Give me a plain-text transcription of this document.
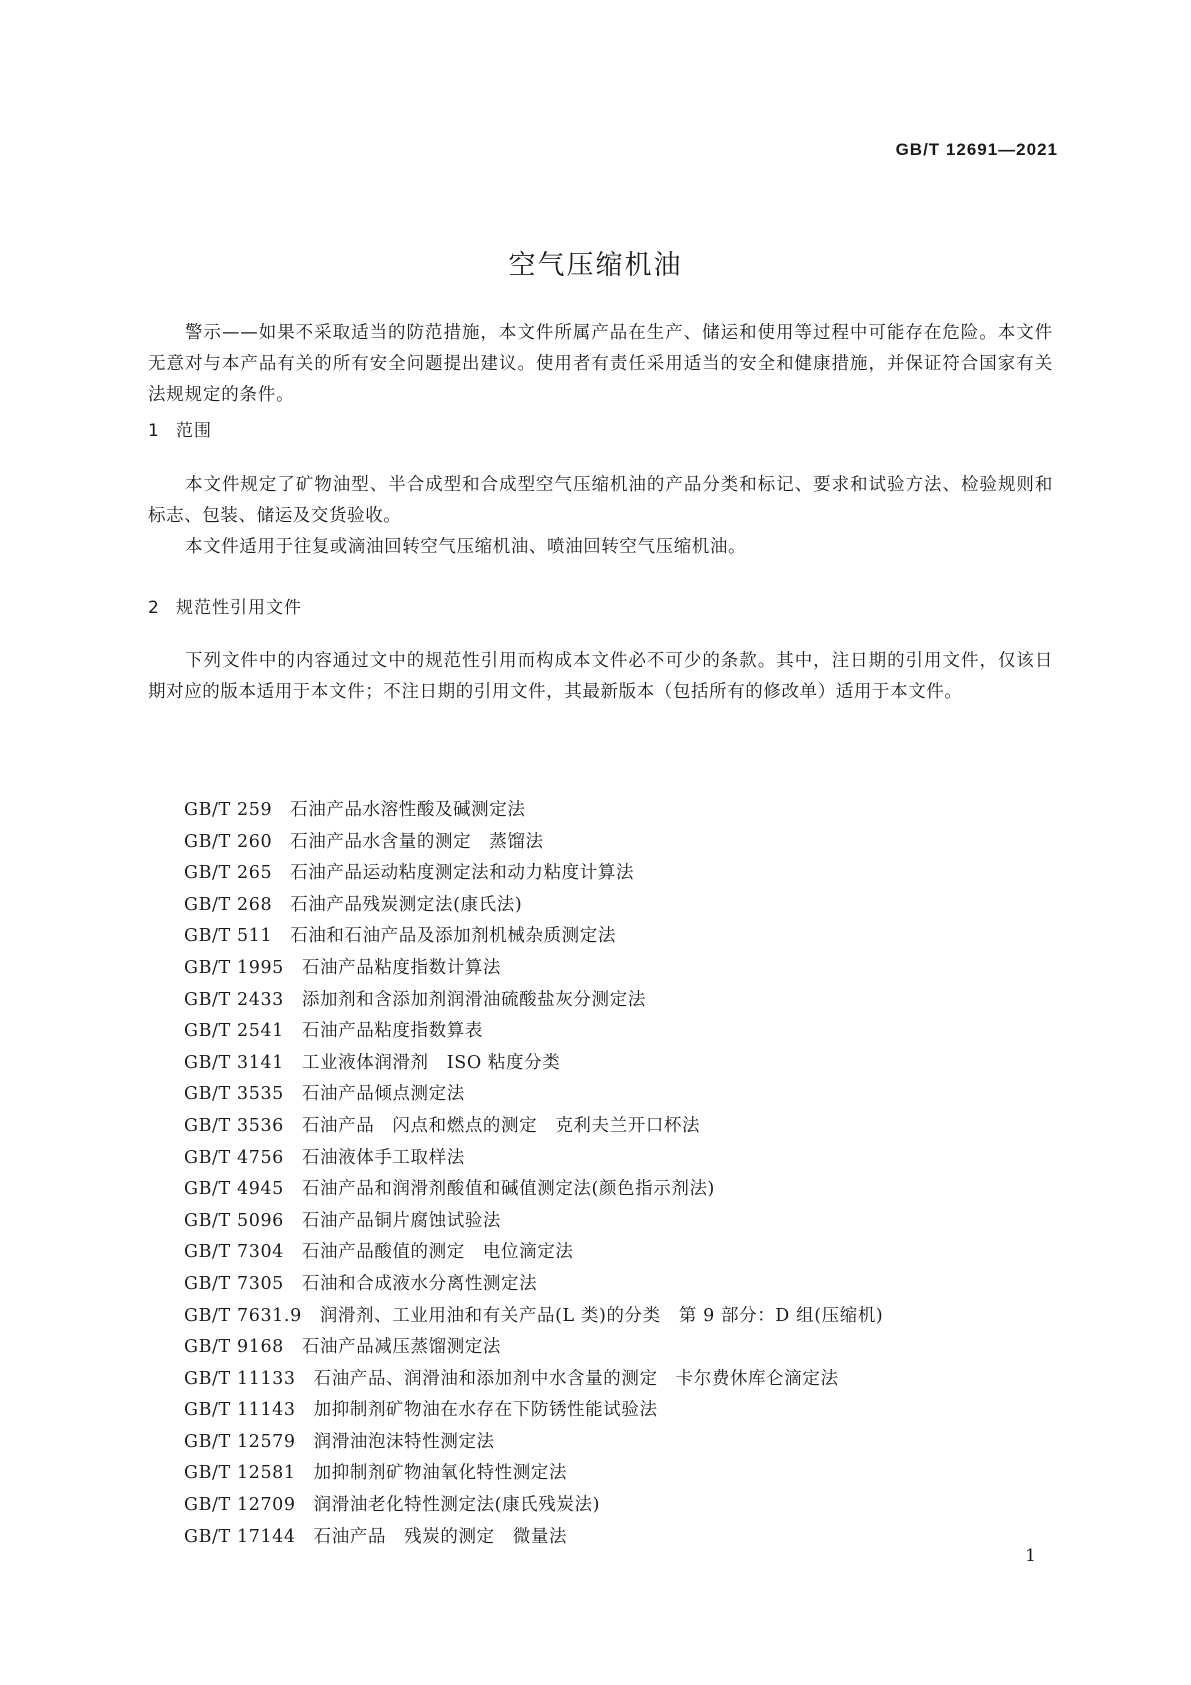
GB/T 12691—2021
空气压缩机油

警示——如果不采取适当的防范措施，本文件所属产品在生产、储运和使用等过程中可能存在危险。本文件无意对与本产品有关的所有安全问题提出建议。使用者有责任采用适当的安全和健康措施，并保证符合国家有关法规规定的条件。

1 范围

本文件规定了矿物油型、半合成型和合成型空气压缩机油的产品分类和标记、要求和试验方法、检验规则和标志、包装、储运及交货验收。

本文件适用于往复或滴油回转空气压缩机油、喷油回转空气压缩机油。

2 规范性引用文件

下列文件中的内容通过文中的规范性引用而构成本文件必不可少的条款。其中，注日期的引用文件，仅该日期对应的版本适用于本文件；不注日期的引用文件，其最新版本（包括所有的修改单）适用于本文件。

GB/T 259 石油产品水溶性酸及碱测定法
GB/T 260 石油产品水含量的测定　蒸馏法
GB/T 265 石油产品运动粘度测定法和动力粘度计算法
GB/T 268 石油产品残炭测定法(康氏法)
GB/T 511 石油和石油产品及添加剂机械杂质测定法
GB/T 1995 石油产品粘度指数计算法
GB/T 2433 添加剂和含添加剂润滑油硫酸盐灰分测定法
GB/T 2541 石油产品粘度指数算表
GB/T 3141 工业液体润滑剂　ISO 粘度分类
GB/T 3535 石油产品倾点测定法
GB/T 3536 石油产品　闪点和燃点的测定　克利夫兰开口杯法
GB/T 4756 石油液体手工取样法
GB/T 4945 石油产品和润滑剂酸值和碱值测定法(颜色指示剂法)
GB/T 5096 石油产品铜片腐蚀试验法
GB/T 7304 石油产品酸值的测定　电位滴定法
GB/T 7305 石油和合成液水分离性测定法
GB/T 7631.9 润滑剂、工业用油和有关产品(L 类)的分类　第 9 部分：D 组(压缩机)
GB/T 9168 石油产品减压蒸馏测定法
GB/T 11133 石油产品、润滑油和添加剂中水含量的测定　卡尔费休库仑滴定法
GB/T 11143 加抑制剂矿物油在水存在下防锈性能试验法
GB/T 12579 润滑油泡沫特性测定法
GB/T 12581 加抑制剂矿物油氧化特性测定法
GB/T 12709 润滑油老化特性测定法(康氏残炭法)
GB/T 17144 石油产品　残炭的测定　微量法
1
